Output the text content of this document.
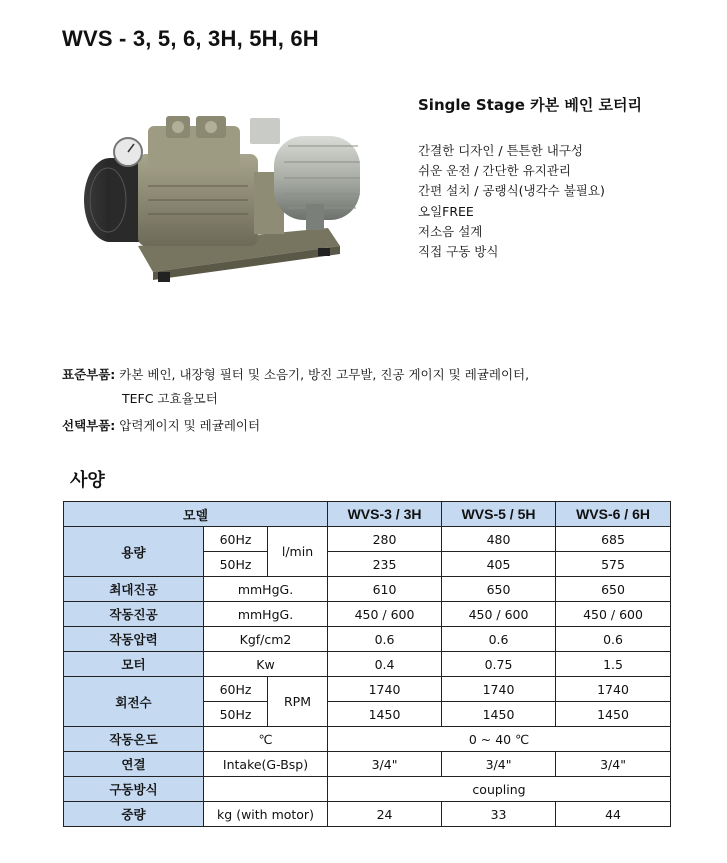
WVS - 3, 5, 6, 3H, 5H, 6H
Single Stage 카본 베인 로터리
간결한 디자인 / 튼튼한 내구성
쉬운 운전 / 간단한 유지관리
간편 설치 / 공랭식(냉각수 불필요)
오일FREE
저소음 설계
직접 구동 방식
표준부품: 카본 베인, 내장형 필터 및 소음기, 방진 고무발, 진공 게이지 및 레귤레이터,
TEFC 고효율모터
선택부품: 압력게이지 및 레귤레이터
사양
모델			WVS-3 / 3H	WVS-5 / 5H	WVS-6 / 6H
용량	60Hz	l/min	280	480	685
	50Hz		235	405	575
최대진공	mmHgG.		610	650	650
작동진공	mmHgG.		450 / 600	450 / 600	450 / 600
작동압력	Kgf/cm2		0.6	0.6	0.6
모터	Kw		0.4	0.75	1.5
회전수	60Hz	RPM	1740	1740	1740
	50Hz		1450	1450	1450
작동온도	℃		0 ~ 40 ℃		
연결	Intake(G-Bsp)		3/4"	3/4"	3/4"
구동방식			coupling		
중량	kg (with motor)		24	33	44
